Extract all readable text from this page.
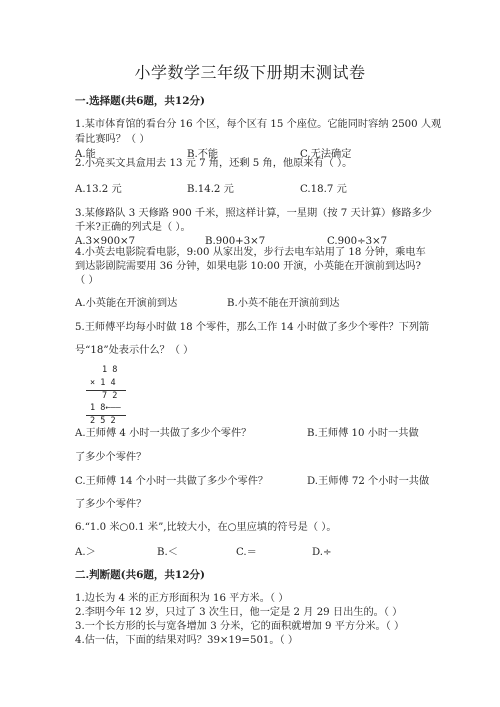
小学数学三年级下册期末测试卷
一.选择题(共6题，共12分)
1.某市体育馆的看台分 16 个区，每个区有 15 个座位。它能同时容纳 2500 人观
看比赛吗？（ ）
A.能	B.不能	C.无法确定
2.小亮买文具盒用去 13 元 7 角，还剩 5 角，他原来有（ ）。
A.13.2 元	B.14.2 元	C.18.7 元
3.某修路队 3 天修路 900 千米，照这样计算，一星期（按 7 天计算）修路多少
千米?正确的列式是（ ）。
A.3×900×7	B.900+3×7	C.900÷3×7
4.小英去电影院看电影，9:00 从家出发，步行去电车站用了 18 分钟，乘电车
到达影剧院需要用 36 分钟，如果电影 10:00 开演，小英能在开演前到达吗?
（ ）
A.小英能在开演前到达	B.小英不能在开演前到达
5.王师傅平均每小时做 18 个零件，那么工作 14 小时做了多少个零件？下列箭
号“18”处表示什么？（ ）
1 8
× 1 4
7 2
1 8←——
2 5 2
A.王师傅 4 小时一共做了多少个零件？	B.王师傅 10 小时一共做
了多少个零件？
C.王师傅 14 个小时一共做了多少个零件？	D.王师傅 72 个小时一共做
了多少个零件？
6.“1.0 米○0.1 米”,比较大小，在○里应填的符号是（ ）。
A.＞	B.＜	C.＝	D.÷
二.判断题(共6题，共12分)
1.边长为 4 米的正方形面积为 16 平方米。（ ）
2.李明今年 12 岁，只过了 3 次生日，他一定是 2 月 29 日出生的。（ ）
3.一个长方形的长与宽各增加 3 分米，它的面积就增加 9 平方分米。（ ）
4.估一估，下面的结果对吗？39×19=501。（ ）
